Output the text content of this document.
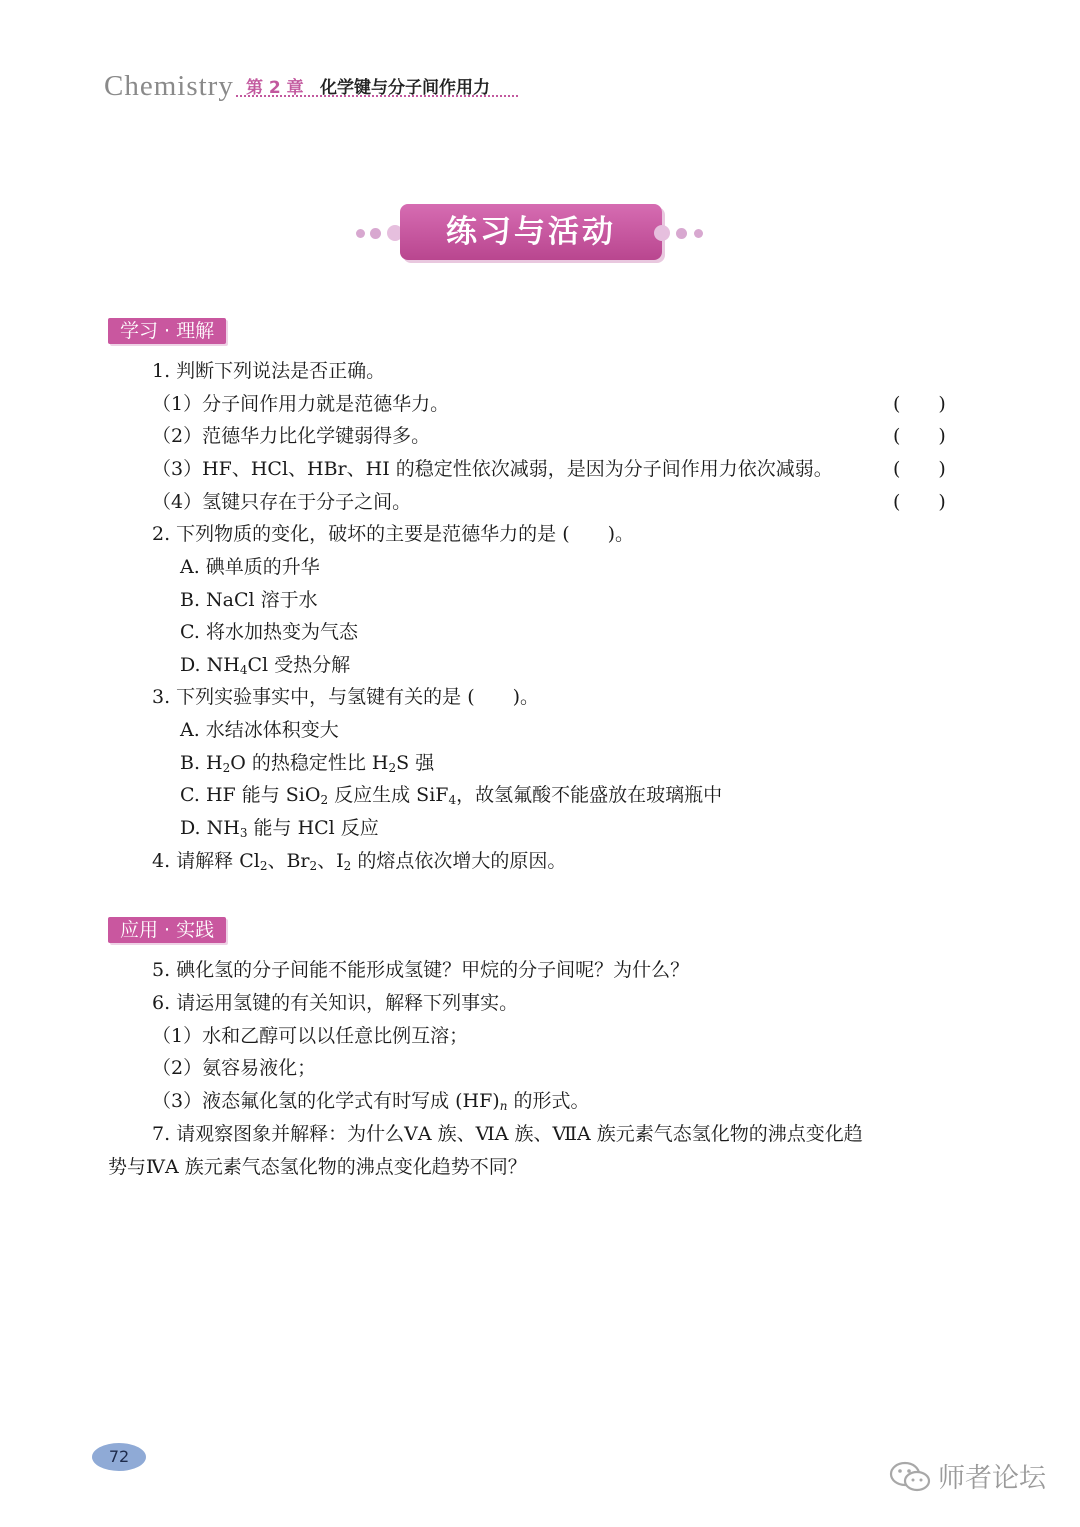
Chemistry 第 2 章 化学键与分子间作用力
练习与活动
学习 · 理解
1. 判断下列说法是否正确。
（1）分子间作用力就是范德华力。	(　　)
（2）范德华力比化学键弱得多。	(　　)
（3）HF、HCl、HBr、HI 的稳定性依次减弱，是因为分子间作用力依次减弱。	(　　)
（4）氢键只存在于分子之间。	(　　)
2. 下列物质的变化，破坏的主要是范德华力的是 (　　)。
A. 碘单质的升华
B. NaCl 溶于水
C. 将水加热变为气态
D. $NH_4Cl$ 受热分解
3. 下列实验事实中，与氢键有关的是 (　　)。
A. 水结冰体积变大
B. $H_2O$ 的热稳定性比 $H_2S$ 强
C. HF 能与 SiO$_2$ 反应生成 SiF$_4$，故氢氟酸不能盛放在玻璃瓶中
D. $NH_3$ 能与 HCl 反应
4. 请解释 $Cl_2$、$Br_2$、$I_2$ 的熔点依次增大的原因。
应用 · 实践
5. 碘化氢的分子间能不能形成氢键？甲烷的分子间呢？为什么？
6. 请运用氢键的有关知识，解释下列事实。
（1）水和乙醇可以以任意比例互溶；
（2）氨容易液化；
（3）液态氟化氢的化学式有时写成 $(HF)_n$ 的形式。
7. 请观察图象并解释：为什么ⅤA 族、ⅥA 族、ⅦA 族元素气态氢化物的沸点变化趋
势与ⅣA 族元素气态氢化物的沸点变化趋势不同？
72
师者论坛
